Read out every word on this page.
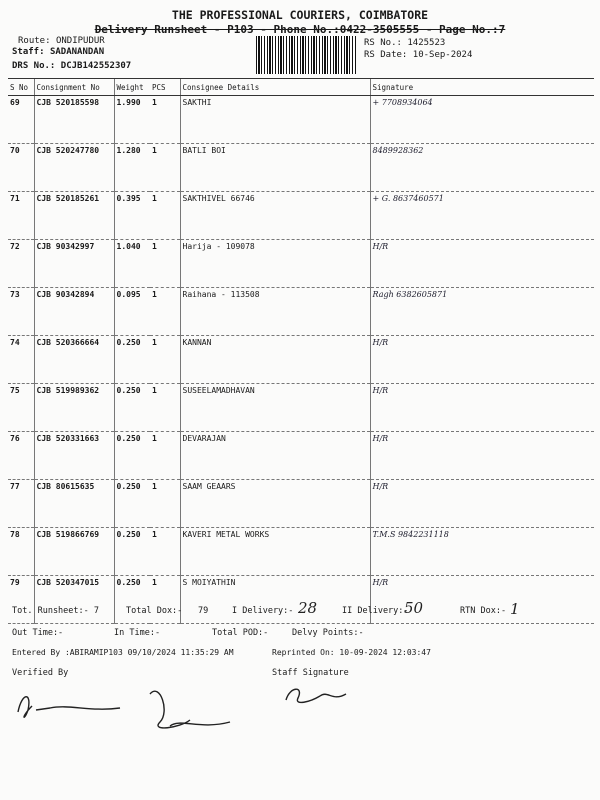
THE PROFESSIONAL COURIERS, COIMBATORE
Delivery Runsheet - P103 - Phone No.:0422-3505555 - Page No.:7
Route: ONDIPUDUR
Staff: SADANANDAN
DRS No.: DCJB142552307
RS No.: 1425523
RS Date: 10-Sep-2024
S No	Consignment No	Weight	PCS	Consignee Details	Signature
69	CJB 520185598	1.990	1	SAKTHI	+ 7708934064
70	CJB 520247780	1.280	1	BATLI BOI	8489928362
71	CJB 520185261	0.395	1	SAKTHIVEL 66746	+ G. 8637460571
72	CJB 90342997	1.040	1	Harija - 109078	H/R
73	CJB 90342894	0.095	1	Raihana - 113508	Ragh 6382605871
74	CJB 520366664	0.250	1	KANNAN	H/R
75	CJB 519989362	0.250	1	SUSEELAMADHAVAN	H/R
76	CJB 520331663	0.250	1	DEVARAJAN	H/R
77	CJB 80615635	0.250	1	SAAM GEAARS	H/R
78	CJB 519866769	0.250	1	KAVERI METAL WORKS	T.M.S 9842231118
79	CJB 520347015	0.250	1	S MOIYATHIN	H/R
Tot. Runsheet:- 7	Total Dox:- 79	I Delivery:- 28	II Delivery:-
50	RTN Dox:- 1
Out Time:-	In Time:-	Total POD:-	Delvy Points:-
Entered By :ABIRAMIP103 09/10/2024 11:35:29 AM	Reprinted On: 10-09-2024 12:03:47
Verified By	Staff Signature
